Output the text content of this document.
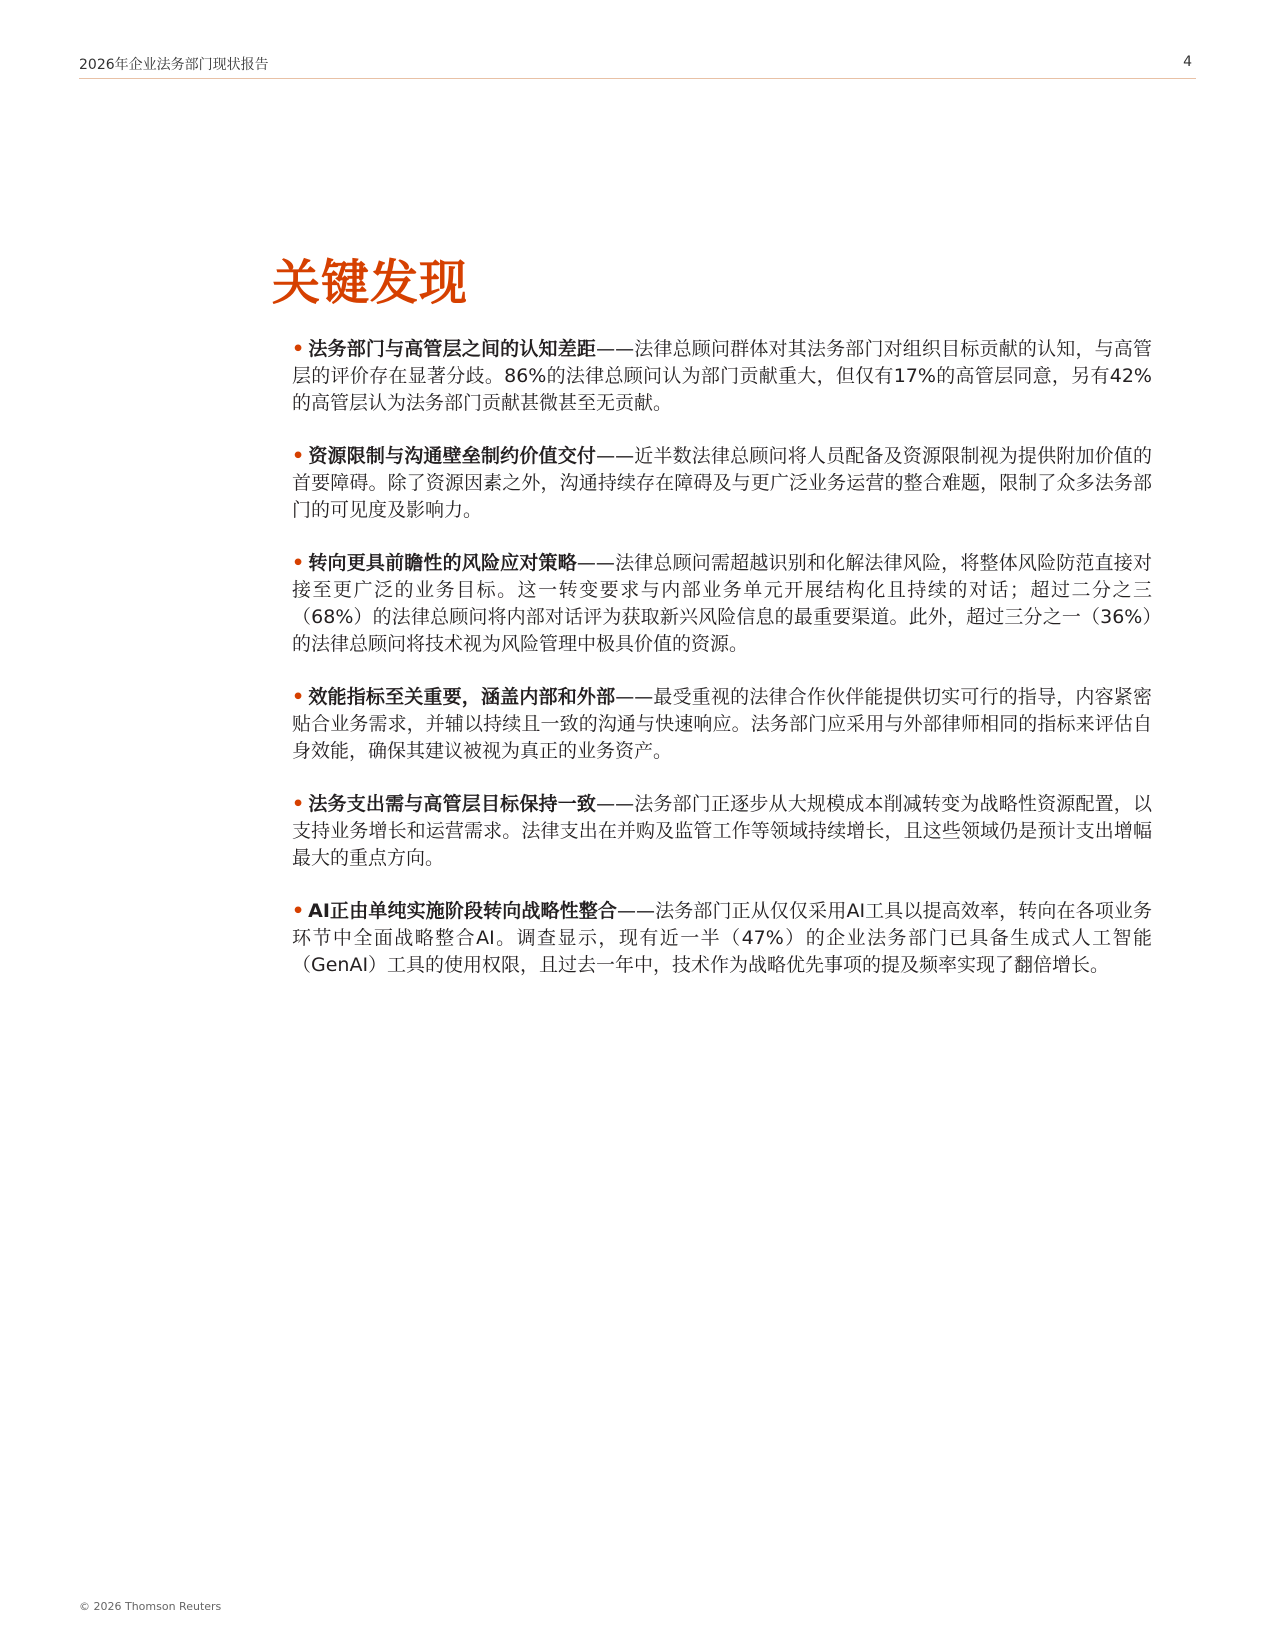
2026年企业法务部门现状报告	4
关键发现
• 法务部门与高管层之间的认知差距——法律总顾问群体对其法务部门对组织目标贡献的认知，与高管层的评价存在显著分歧。86%的法律总顾问认为部门贡献重大，但仅有17%的高管层同意，另有42%的高管层认为法务部门贡献甚微甚至无贡献。
• 资源限制与沟通壁垒制约价值交付——近半数法律总顾问将人员配备及资源限制视为提供附加价值的首要障碍。除了资源因素之外，沟通持续存在障碍及与更广泛业务运营的整合难题，限制了众多法务部门的可见度及影响力。
• 转向更具前瞻性的风险应对策略——法律总顾问需超越识别和化解法律风险，将整体风险防范直接对接至更广泛的业务目标。这一转变要求与内部业务单元开展结构化且持续的对话；超过二分之三（68%）的法律总顾问将内部对话评为获取新兴风险信息的最重要渠道。此外，超过三分之一（36%）的法律总顾问将技术视为风险管理中极具价值的资源。
• 效能指标至关重要，涵盖内部和外部——最受重视的法律合作伙伴能提供切实可行的指导，内容紧密贴合业务需求，并辅以持续且一致的沟通与快速响应。法务部门应采用与外部律师相同的指标来评估自身效能，确保其建议被视为真正的业务资产。
• 法务支出需与高管层目标保持一致——法务部门正逐步从大规模成本削减转变为战略性资源配置，以支持业务增长和运营需求。法律支出在并购及监管工作等领域持续增长，且这些领域仍是预计支出增幅最大的重点方向。
• AI正由单纯实施阶段转向战略性整合——法务部门正从仅仅采用AI工具以提高效率，转向在各项业务环节中全面战略整合AI。调查显示，现有近一半（47%）的企业法务部门已具备生成式人工智能（GenAI）工具的使用权限，且过去一年中，技术作为战略优先事项的提及频率实现了翻倍增长。
© 2026 Thomson Reuters
